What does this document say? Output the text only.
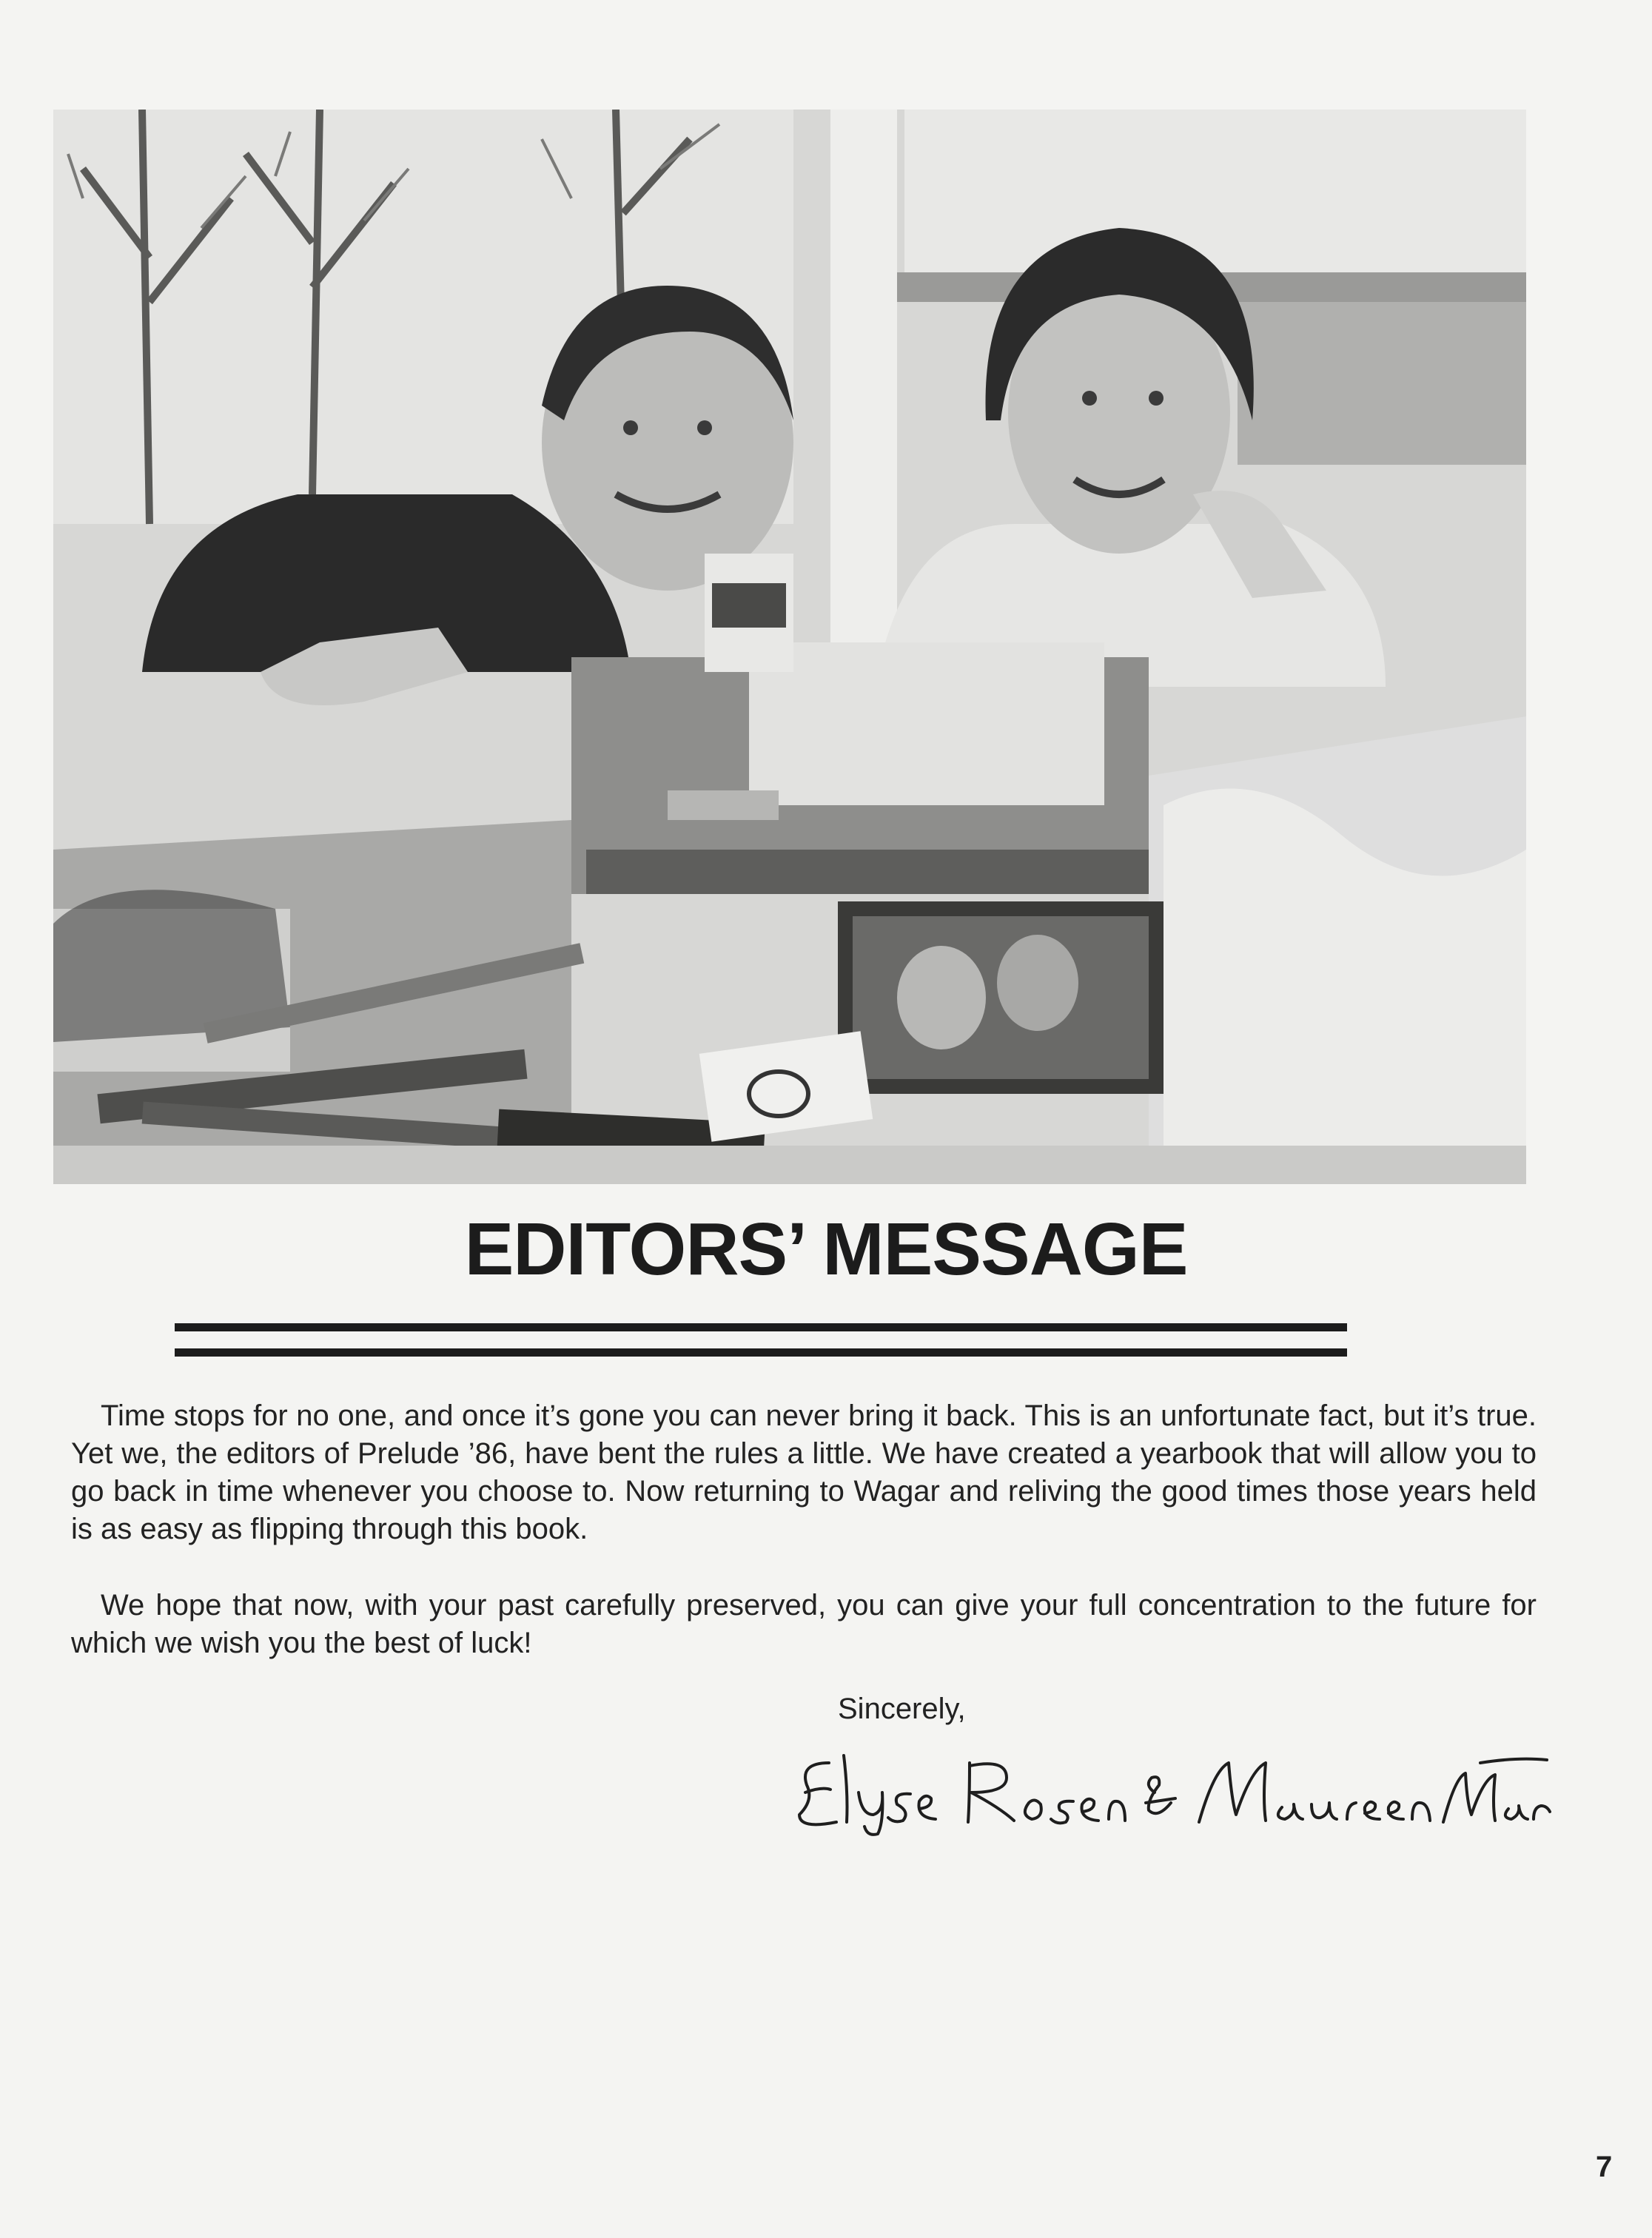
EDITORS’ MESSAGE

Time stops for no one, and once it’s gone you can never bring it back. This is an unfortunate fact, but it’s true. Yet we, the editors of Prelude ’86, have bent the rules a little. We have created a yearbook that will allow you to go back in time whenever you choose to. Now returning to Wagar and reliving the good times those years held is as easy as flipping through this book.

We hope that now, with your past carefully preserved, you can give your full concentration to the future for which we wish you the best of luck!

Sincerely,

7
